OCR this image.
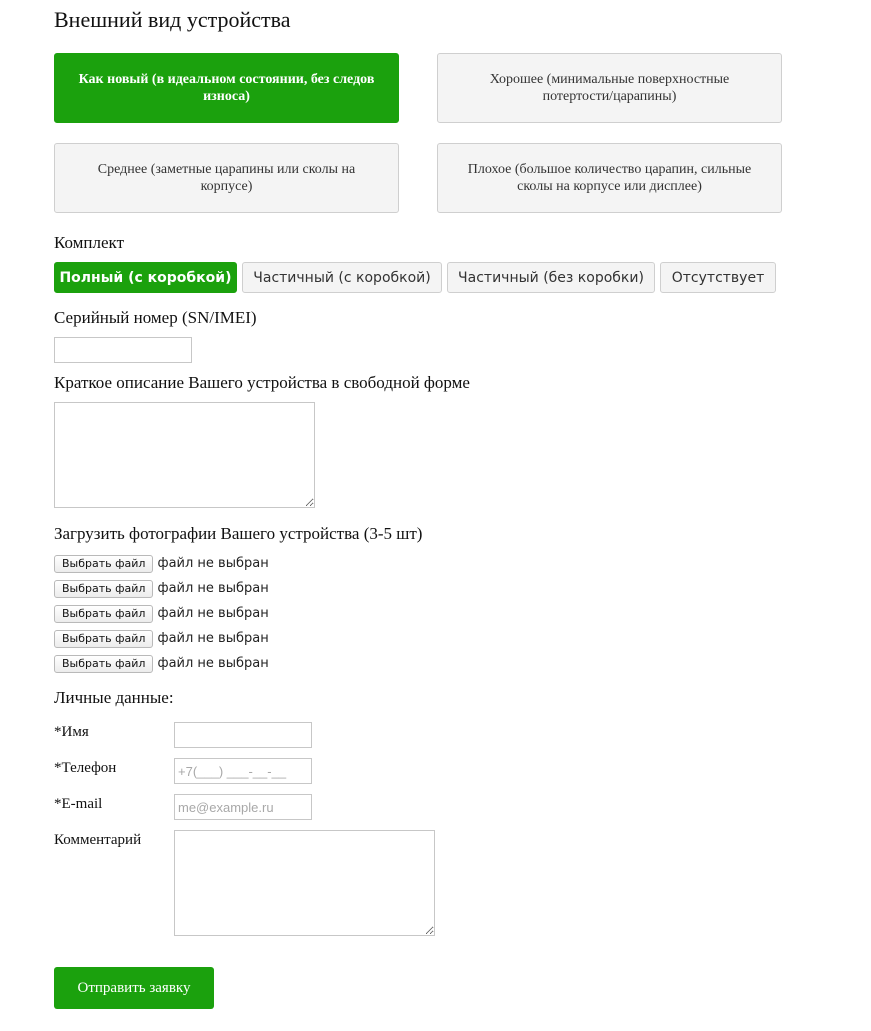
Внешний вид устройства
Как новый (в идеальном состоянии, без следов износа)
Хорошее (минимальные поверхностные потертости/царапины)
Среднее (заметные царапины или сколы на корпусе)
Плохое (большое количество царапин, сильные сколы на корпусе или дисплее)
Комплект
Полный (с коробкой) Частичный (с коробкой) Частичный (без коробки) Отсутствует
Серийный номер (SN/IMEI)
Краткое описание Вашего устройства в свободной форме
Загрузить фотографии Вашего устройства (3-5 шт)
Выбрать файл файл не выбран
Выбрать файл файл не выбран
Выбрать файл файл не выбран
Выбрать файл файл не выбран
Выбрать файл файл не выбран
Личные данные:
*Имя
*Телефон
+7(___) ___-__-__
*E-mail
me@example.ru
Комментарий
Отправить заявку
